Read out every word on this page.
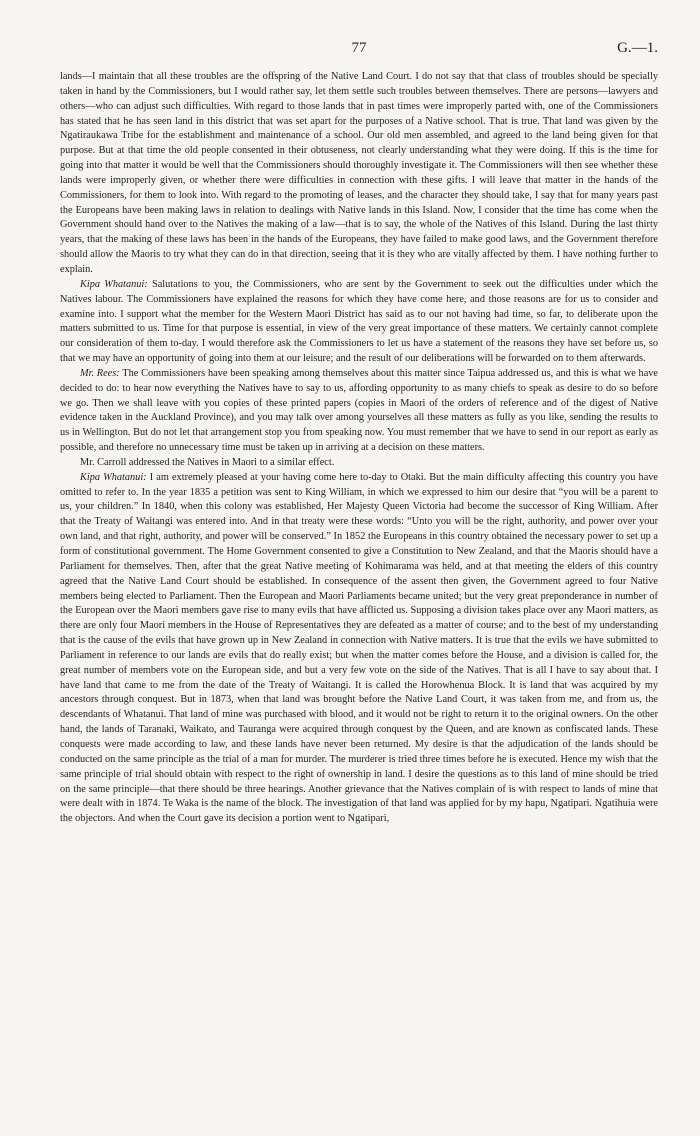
77	G.—1.

lands—I maintain that all these troubles are the offspring of the Native Land Court. I do not say that that class of troubles should be specially taken in hand by the Commissioners, but I would rather say, let them settle such troubles between themselves. There are persons—lawyers and others—who can adjust such difficulties. With regard to those lands that in past times were improperly parted with, one of the Commissioners has stated that he has seen land in this district that was set apart for the purposes of a Native school. That is true. That land was given by the Ngatiraukawa Tribe for the establishment and maintenance of a school. Our old men assembled, and agreed to the land being given for that purpose. But at that time the old people consented in their obtuseness, not clearly understanding what they were doing. If this is the time for going into that matter it would be well that the Commissioners should thoroughly investigate it. The Commissioners will then see whether these lands were improperly given, or whether there were difficulties in connection with these gifts. I will leave that matter in the hands of the Commissioners, for them to look into. With regard to the promoting of leases, and the character they should take, I say that for many years past the Europeans have been making laws in relation to dealings with Native lands in this Island. Now, I consider that the time has come when the Government should hand over to the Natives the making of a law—that is to say, the whole of the Natives of this Island. During the last thirty years, that the making of these laws has been in the hands of the Europeans, they have failed to make good laws, and the Government therefore should allow the Maoris to try what they can do in that direction, seeing that it is they who are vitally affected by them. I have nothing further to explain.

Kipa Whatanui: Salutations to you, the Commissioners, who are sent by the Government to seek out the difficulties under which the Natives labour. The Commissioners have explained the reasons for which they have come here, and those reasons are for us to consider and examine into. I support what the member for the Western Maori District has said as to our not having had time, so far, to deliberate upon the matters submitted to us. Time for that purpose is essential, in view of the very great importance of these matters. We certainly cannot complete our consideration of them to-day. I would therefore ask the Commissioners to let us have a statement of the reasons they have set before us, so that we may have an opportunity of going into them at our leisure; and the result of our deliberations will be forwarded on to them afterwards.

Mr. Rees: The Commissioners have been speaking among themselves about this matter since Taipua addressed us, and this is what we have decided to do: to hear now everything the Natives have to say to us, affording opportunity to as many chiefs to speak as desire to do so before we go. Then we shall leave with you copies of these printed papers (copies in Maori of the orders of reference and of the digest of Native evidence taken in the Auckland Province), and you may talk over among yourselves all these matters as fully as you like, sending the results to us in Wellington. But do not let that arrangement stop you from speaking now. You must remember that we have to send in our report as early as possible, and therefore no unnecessary time must be taken up in arriving at a decision on these matters.

Mr. Carroll addressed the Natives in Maori to a similar effect.

Kipa Whatanui: I am extremely pleased at your having come here to-day to Otaki. But the main difficulty affecting this country you have omitted to refer to. In the year 1835 a petition was sent to King William, in which we expressed to him our desire that “you will be a parent to us, your children.” In 1840, when this colony was established, Her Majesty Queen Victoria had become the successor of King William. After that the Treaty of Waitangi was entered into. And in that treaty were these words: “Unto you will be the right, authority, and power over your own land, and that right, authority, and power will be conserved.” In 1852 the Europeans in this country obtained the necessary power to set up a form of constitutional government. The Home Government consented to give a Constitution to New Zealand, and that the Maoris should have a Parliament for themselves. Then, after that the great Native meeting of Kohimarama was held, and at that meeting the elders of this country agreed that the Native Land Court should be established. In consequence of the assent then given, the Government agreed to four Native members being elected to Parliament. Then the European and Maori Parliaments became united; but the very great preponderance in number of the European over the Maori members gave rise to many evils that have afflicted us. Supposing a division takes place over any Maori matters, as there are only four Maori members in the House of Representatives they are defeated as a matter of course; and to the best of my understanding that is the cause of the evils that have grown up in New Zealand in connection with Native matters. It is true that the evils we have submitted to Parliament in reference to our lands are evils that do really exist; but when the matter comes before the House, and a division is called for, the great number of members vote on the European side, and but a very few vote on the side of the Natives. That is all I have to say about that. I have land that came to me from the date of the Treaty of Waitangi. It is called the Horowhenua Block. It is land that was acquired by my ancestors through conquest. But in 1873, when that land was brought before the Native Land Court, it was taken from me, and from us, the descendants of Whatanui. That land of mine was purchased with blood, and it would not be right to return it to the original owners. On the other hand, the lands of Taranaki, Waikato, and Tauranga were acquired through conquest by the Queen, and are known as confiscated lands. These conquests were made according to law, and these lands have never been returned. My desire is that the adjudication of the lands should be conducted on the same principle as the trial of a man for murder. The murderer is tried three times before he is executed. Hence my wish that the same principle of trial should obtain with respect to the right of ownership in land. I desire the questions as to this land of mine should be tried on the same principle—that there should be three hearings. Another grievance that the Natives complain of is with respect to lands of mine that were dealt with in 1874. Te Waka is the name of the block. The investigation of that land was applied for by my hapu, Ngatipari. Ngatihuia were the objectors. And when the Court gave its decision a portion went to Ngatipari,
